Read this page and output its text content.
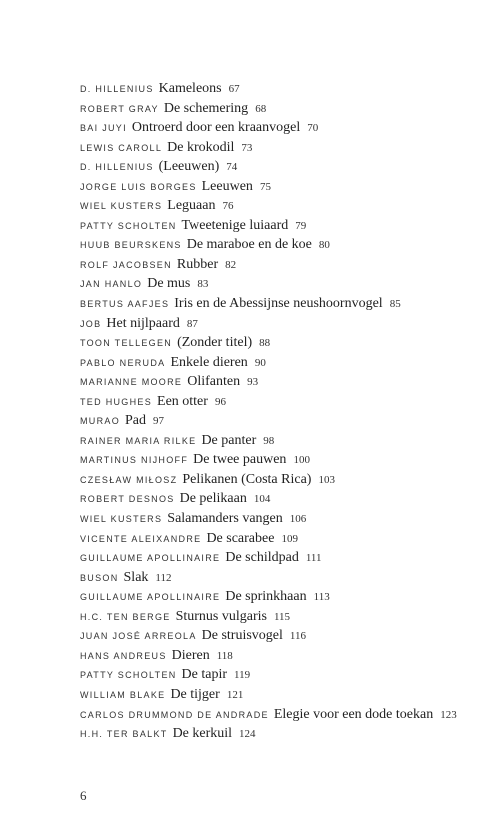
D. HILLENIUS Kameleons 67
ROBERT GRAY De schemering 68
BAI JUYI Ontroerd door een kraanvogel 70
LEWIS CAROLL De krokodil 73
D. HILLENIUS (Leeuwen) 74
JORGE LUIS BORGES Leeuwen 75
WIEL KUSTERS Leguaan 76
PATTY SCHOLTEN Tweetenige luiaard 79
HUUB BEURSKENS De maraboe en de koe 80
ROLF JACOBSEN Rubber 82
JAN HANLO De mus 83
BERTUS AAFJES Iris en de Abessijnse neushoornvogel 85
JOB Het nijlpaard 87
TOON TELLEGEN (Zonder titel) 88
PABLO NERUDA Enkele dieren 90
MARIANNE MOORE Olifanten 93
TED HUGHES Een otter 96
MURAO Pad 97
RAINER MARIA RILKE De panter 98
MARTINUS NIJHOFF De twee pauwen 100
CZESŁAW MIŁOSZ Pelikanen (Costa Rica) 103
ROBERT DESNOS De pelikaan 104
WIEL KUSTERS Salamanders vangen 106
VICENTE ALEIXANDRE De scarabee 109
GUILLAUME APOLLINAIRE De schildpad 111
BUSON Slak 112
GUILLAUME APOLLINAIRE De sprinkhaan 113
H.C. TEN BERGE Sturnus vulgaris 115
JUAN JOSÉ ARREOLA De struisvogel 116
HANS ANDREUS Dieren 118
PATTY SCHOLTEN De tapir 119
WILLIAM BLAKE De tijger 121
CARLOS DRUMMOND DE ANDRADE Elegie voor een dode toekan 123
H.H. TER BALKT De kerkuil 124
6
